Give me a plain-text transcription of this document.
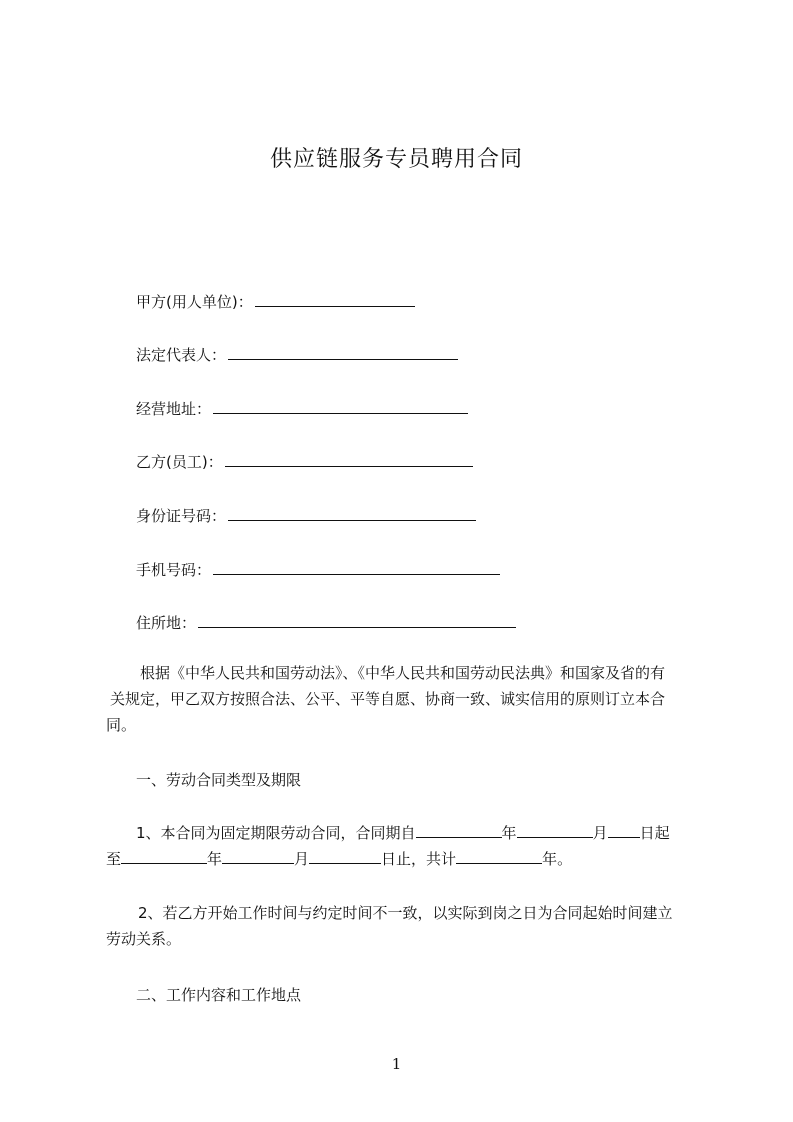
供应链服务专员聘用合同
甲方(用人单位)：
法定代表人：
经营地址：
乙方(员工)：
身份证号码：
手机号码：
住所地：

根据《中华人民共和国劳动法》、《中华人民共和国劳动民法典》和国家及省的有

关规定，甲乙双方按照合法、公平、平等自愿、协商一致、诚实信用的原则订立本合

同。

一、劳动合同类型及期限

1、本合同为固定期限劳动合同，合同期自	年	月 日起

至	年	月	日止，共计	年。

2、若乙方开始工作时间与约定时间不一致，以实际到岗之日为合同起始时间建立

劳动关系。

二、工作内容和工作地点
1
